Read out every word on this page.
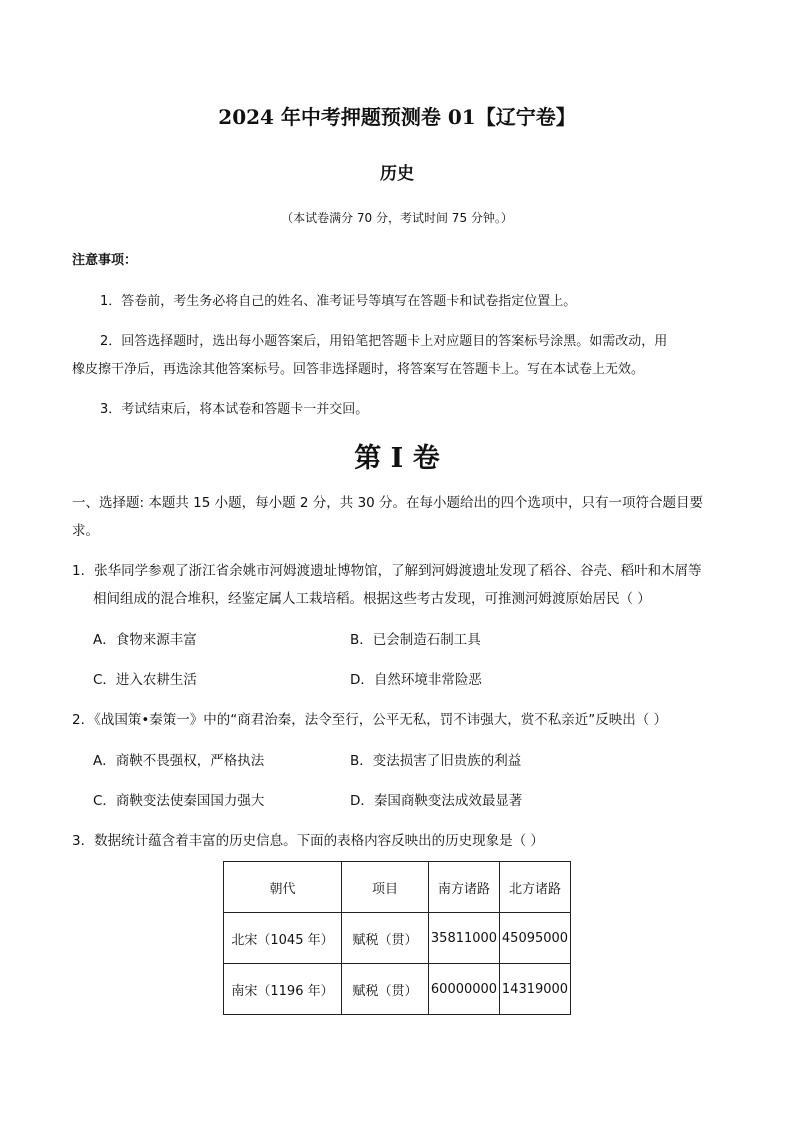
2024 年中考押题预测卷 01【辽宁卷】
历史
（本试卷满分 70 分，考试时间 75 分钟。）
注意事项：
1．答卷前，考生务必将自己的姓名、准考证号等填写在答题卡和试卷指定位置上。
2．回答选择题时，选出每小题答案后，用铅笔把答题卡上对应题目的答案标号涂黑。如需改动，用
橡皮擦干净后，再选涂其他答案标号。回答非选择题时，将答案写在答题卡上。写在本试卷上无效。
3．考试结束后，将本试卷和答题卡一并交回。
第 I 卷
一、选择题: 本题共 15 小题，每小题 2 分，共 30 分。在每小题给出的四个选项中，只有一项符合题目要
求。
1．张华同学参观了浙江省余姚市河姆渡遗址博物馆，了解到河姆渡遗址发现了稻谷、谷壳、稻叶和木屑等
相间组成的混合堆积，经鉴定属人工栽培稻。根据这些考古发现，可推测河姆渡原始居民（ ）
A．食物来源丰富	B．已会制造石制工具
C．进入农耕生活	D．自然环境非常险恶
2．《战国策•秦策一》中的“商君治秦，法令至行，公平无私，罚不讳强大，赏不私亲近”反映出（ ）
A．商鞅不畏强权，严格执法	B．变法损害了旧贵族的利益
C．商鞅变法使秦国国力强大	D．秦国商鞅变法成效最显著
3．数据统计蕴含着丰富的历史信息。下面的表格内容反映出的历史现象是（ ）
朝代	项目	南方诸路	北方诸路
北宋（1045 年）	赋税（贯）	35811000	45095000
南宋（1196 年）	赋税（贯）	60000000	14319000
